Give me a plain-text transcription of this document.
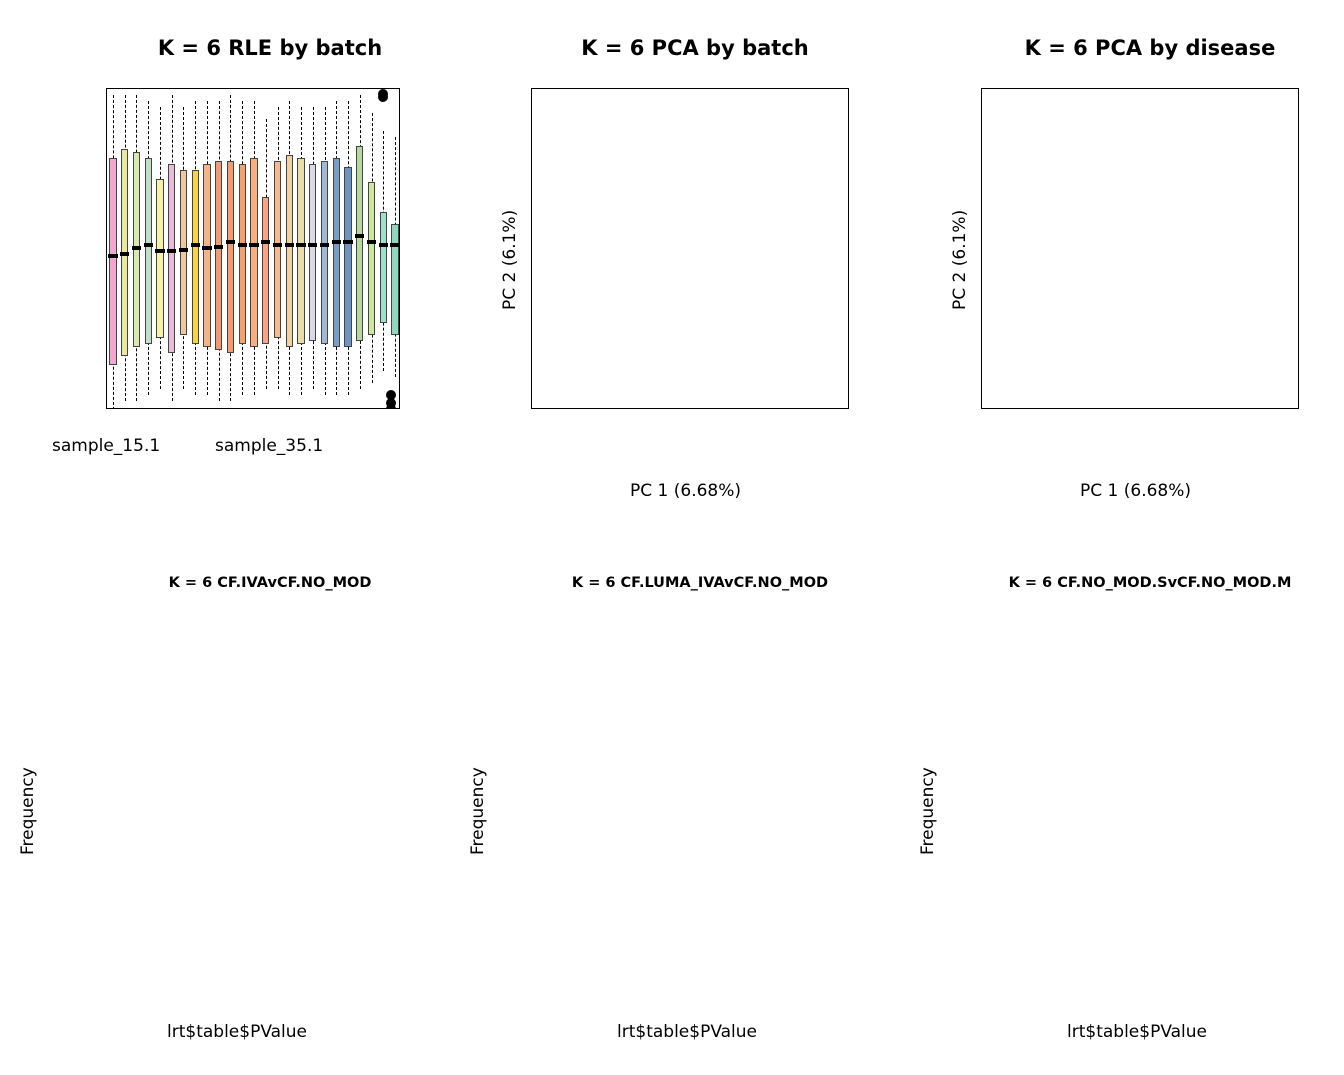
K = 6 RLE by batch
sample_15.1	sample_35.1
K = 6 PCA by batch
PC 1 (6.68%)
PC 2 (6.1%)
K = 6 PCA by disease
PC 1 (6.68%)
PC 2 (6.1%)
K = 6 CF.IVAvCF.NO_MOD
lrt$table$PValue
Frequency
K = 6 CF.LUMA_IVAvCF.NO_MOD
lrt$table$PValue
Frequency
K = 6 CF.NO_MOD.SvCF.NO_MOD.M
lrt$table$PValue
Frequency
